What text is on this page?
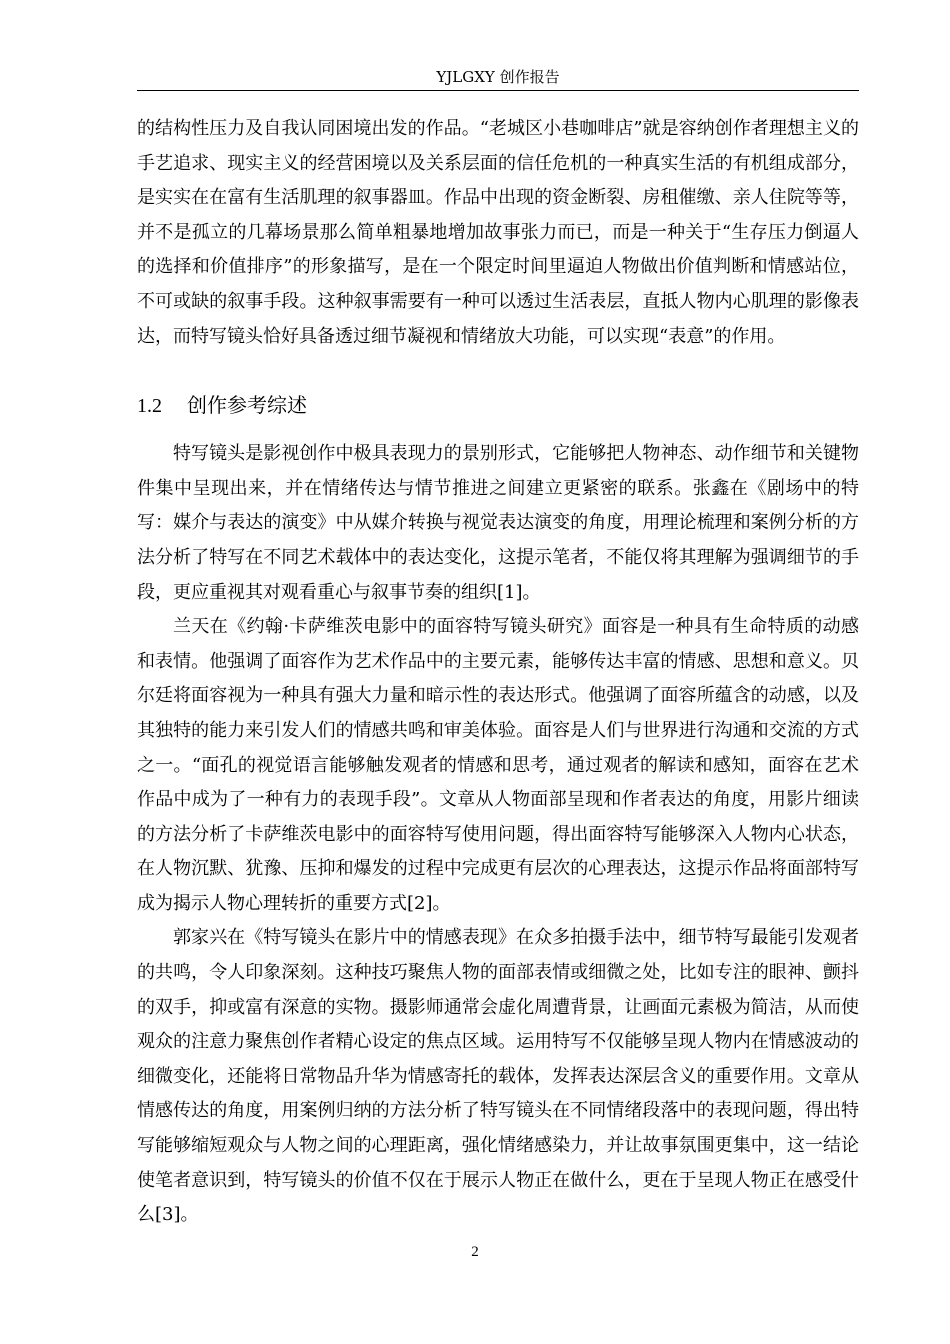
YJLGXY 创作报告

的结构性压力及自我认同困境出发的作品。“老城区小巷咖啡店”就是容纳创作者理想主义的手艺追求、现实主义的经营困境以及关系层面的信任危机的一种真实生活的有机组成部分，是实实在在富有生活肌理的叙事器皿。作品中出现的资金断裂、房租催缴、亲人住院等等，并不是孤立的几幕场景那么简单粗暴地增加故事张力而已，而是一种关于“生存压力倒逼人的选择和价值排序”的形象描写，是在一个限定时间里逼迫人物做出价值判断和情感站位，不可或缺的叙事手段。这种叙事需要有一种可以透过生活表层，直抵人物内心肌理的影像表达，而特写镜头恰好具备透过细节凝视和情绪放大功能，可以实现“表意”的作用。

1.2 创作参考综述

特写镜头是影视创作中极具表现力的景别形式，它能够把人物神态、动作细节和关键物件集中呈现出来，并在情绪传达与情节推进之间建立更紧密的联系。张鑫在《剧场中的特写：媒介与表达的演变》中从媒介转换与视觉表达演变的角度，用理论梳理和案例分析的方法分析了特写在不同艺术载体中的表达变化，这提示笔者，不能仅将其理解为强调细节的手段，更应重视其对观看重心与叙事节奏的组织[1]。

兰天在《约翰·卡萨维茨电影中的面容特写镜头研究》面容是一种具有生命特质的动感和表情。他强调了面容作为艺术作品中的主要元素，能够传达丰富的情感、思想和意义。贝尔廷将面容视为一种具有强大力量和暗示性的表达形式。他强调了面容所蕴含的动感，以及其独特的能力来引发人们的情感共鸣和审美体验。面容是人们与世界进行沟通和交流的方式之一。“面孔的视觉语言能够触发观者的情感和思考，通过观者的解读和感知，面容在艺术作品中成为了一种有力的表现手段”。文章从人物面部呈现和作者表达的角度，用影片细读的方法分析了卡萨维茨电影中的面容特写使用问题，得出面容特写能够深入人物内心状态，在人物沉默、犹豫、压抑和爆发的过程中完成更有层次的心理表达，这提示作品将面部特写成为揭示人物心理转折的重要方式[2]。

郭家兴在《特写镜头在影片中的情感表现》在众多拍摄手法中，细节特写最能引发观者的共鸣，令人印象深刻。这种技巧聚焦人物的面部表情或细微之处，比如专注的眼神、颤抖的双手，抑或富有深意的实物。摄影师通常会虚化周遭背景，让画面元素极为简洁，从而使观众的注意力聚焦创作者精心设定的焦点区域。运用特写不仅能够呈现人物内在情感波动的细微变化，还能将日常物品升华为情感寄托的载体，发挥表达深层含义的重要作用。文章从情感传达的角度，用案例归纳的方法分析了特写镜头在不同情绪段落中的表现问题，得出特写能够缩短观众与人物之间的心理距离，强化情绪感染力，并让故事氛围更集中，这一结论使笔者意识到，特写镜头的价值不仅在于展示人物正在做什么，更在于呈现人物正在感受什么[3]。

2
